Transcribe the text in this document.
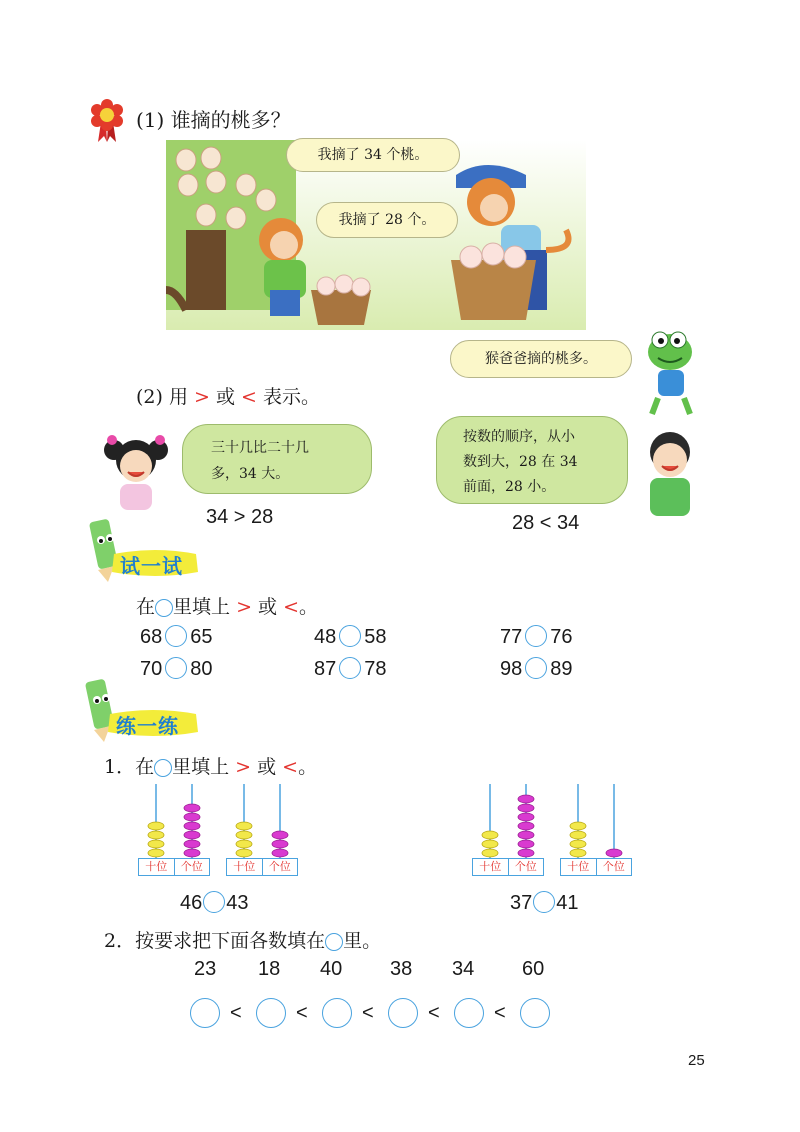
(1) 谁摘的桃多？
我摘了 34 个桃。
我摘了 28 个。
猴爸爸摘的桃多。
(2) 用 > 或 < 表示。
三十几比二十几
多，34 大。
34 > 28
按数的顺序，从小
数到大，28 在 34
前面，28 小。
28 < 34
试一试
在 里填上 > 或 <。
68 65	48 58	77 76
70 80	87 78	98 89
练一练
1．在 里填上 > 或 <。
十位	个位	十位	个位	十位	个位	十位	个位
46 43	37 41
2．按要求把下面各数填在 里。
23 18 40 38 34 60
<	<	<	<	<
25
